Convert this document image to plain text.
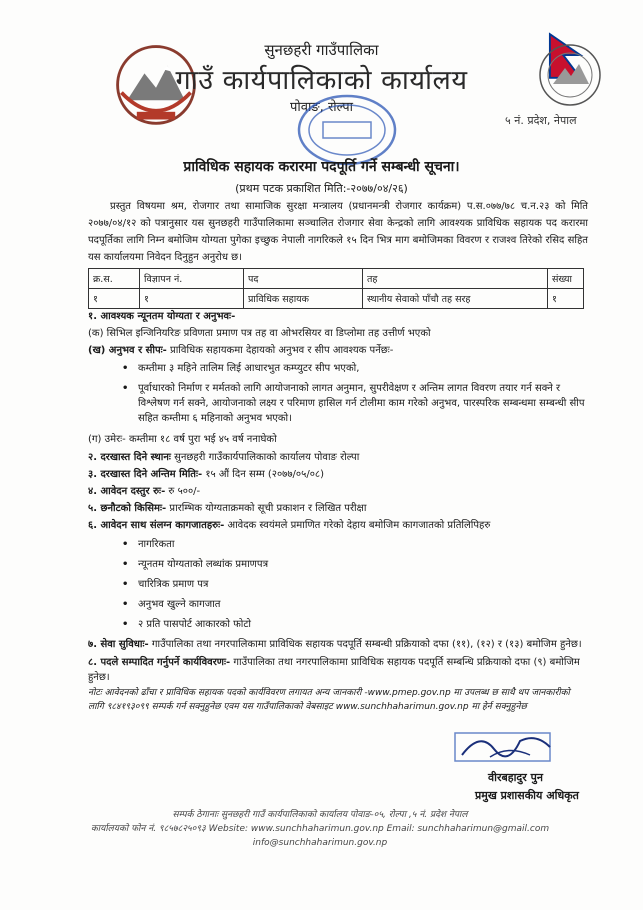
सुनछहरी गाउँपालिका
गाउँ कार्यपालिकाको कार्यालय
पोवाङ, रोल्पा
५ नं. प्रदेश, नेपाल
प्राविधिक सहायक करारमा पदपूर्ति गर्ने सम्बन्धी सूचना।
(प्रथम पटक प्रकाशित मिति:-२०७७/०४/२६)
प्रस्तुत विषयमा श्रम, रोजगार तथा सामाजिक सुरक्षा मन्त्रालय (प्रधानमन्त्री रोजगार कार्यक्रम) प.स.०७७/७८ च.न.२३ को मिति २०७७/०४/१२ को पत्रानुसार यस सुनछहरी गाउँपालिकामा सञ्चालित रोजगार सेवा केन्द्रको लागि आवश्यक प्राविधिक सहायक पद करारमा पदपूर्तिका लागि निम्न बमोजिम योग्यता पुगेका इच्छुक नेपाली नागरिकले १५ दिन भित्र माग बमोजिमका विवरण र राजश्व तिरेको रसिद सहित यस कार्यालयमा निवेदन दिनुहुन अनुरोध छ।
क्र.स.	विज्ञापन नं.	पद	तह	संख्या
१	१	प्राविधिक सहायक	स्थानीय सेवाको पाँचौ तह सरह	१
१. आवश्यक न्यूनतम योग्यता र अनुभवः-
(क) सिभिल इन्जिनियरिङ प्रविणता प्रमाण पत्र तह वा ओभरसियर वा डिप्लोमा तह उत्तीर्ण भएको
(ख) अनुभव र सीपः- प्राविधिक सहायकमा देहायको अनुभव र सीप आवश्यक पर्नेछः-
• कम्तीमा ३ महिने तालिम लिई आधारभुत कम्प्युटर सीप भएको,
• पूर्वाधारको निर्माण र मर्मतको लागि आयोजनाको लागत अनुमान, सुपरीवेक्षण र अन्तिम लागत विवरण तयार गर्न सक्ने र विश्लेषण गर्न सक्ने, आयोजनाको लक्ष्य र परिमाण हासिल गर्न टोलीमा काम गरेको अनुभव, पारस्परिक सम्बन्धमा सम्बन्धी सीप सहित कम्तीमा ६ महिनाको अनुभव भएको।
(ग) उमेरः- कम्तीमा १८ वर्ष पुरा भई ४५ वर्ष ननाघेको
२. दरखास्त दिने स्थानः सुनछहरी गाउँकार्यपालिकाको कार्यालय पोवाङ रोल्पा
३. दरखास्त दिने अन्तिम मितिः- १५ औं दिन सम्म (२०७७/०५/०८)
४. आवेदन दस्तुर रुः- रु ५००/-
५. छनौटको किसिमः- प्रारम्भिक योग्यताक्रमको सूची प्रकाशन र लिखित परीक्षा
६. आवेदन साथ संलग्न कागजातहरुः- आवेदक स्वयंमले प्रमाणित गरेको देहाय बमोजिम कागजातको प्रतिलिपिहरु
• नागरिकता
• न्यूनतम योग्यताको लब्धांक प्रमाणपत्र
• चारित्रिक प्रमाण पत्र
• अनुभव खुल्ने कागजात
• २ प्रति पासपोर्ट आकारको फोटो
७. सेवा सुविधाः- गाउँपालिका तथा नगरपालिकामा प्राविधिक सहायक पदपूर्ति सम्बन्धी प्रक्रियाको दफा (११), (१२) र (१३) बमोजिम हुनेछ।
८. पदले सम्पादित गर्नुपर्ने कार्यविवरणः- गाउँपालिका तथा नगरपालिकामा प्राविधिक सहायक पदपूर्ति सम्बन्धि प्रक्रियाको दफा (९) बमोजिम हुनेछ।
नोटः आवेदनको ढाँचा र प्राविधिक सहायक पदको कार्यविवरण लगायत अन्य जानकारी -www.pmep.gov.np मा उपलब्ध छ साथै थप जानकारीको लागि ९८४१९३०९९ सम्पर्क गर्न सक्नुहुनेछ एवम यस गाउँपालिकाको वेबसाइट www.sunchhaharimun.gov.np मा हेर्न सक्नुहुनेछ
वीरबहादुर पुन
प्रमुख प्रशासकीय अधिकृत
सम्पर्क ठेगानाः सुनछहरी गाउँ कार्यपालिकाको कार्यालय पोवाङ-०५, रोल्पा ,५ नं. प्रदेश नेपाल
कार्यालयको फोन नं. ९८५७८२५०९३ Website: www.sunchhaharimun.gov.np Email: sunchhaharimun@gmail.com
info@sunchhaharimun.gov.np
